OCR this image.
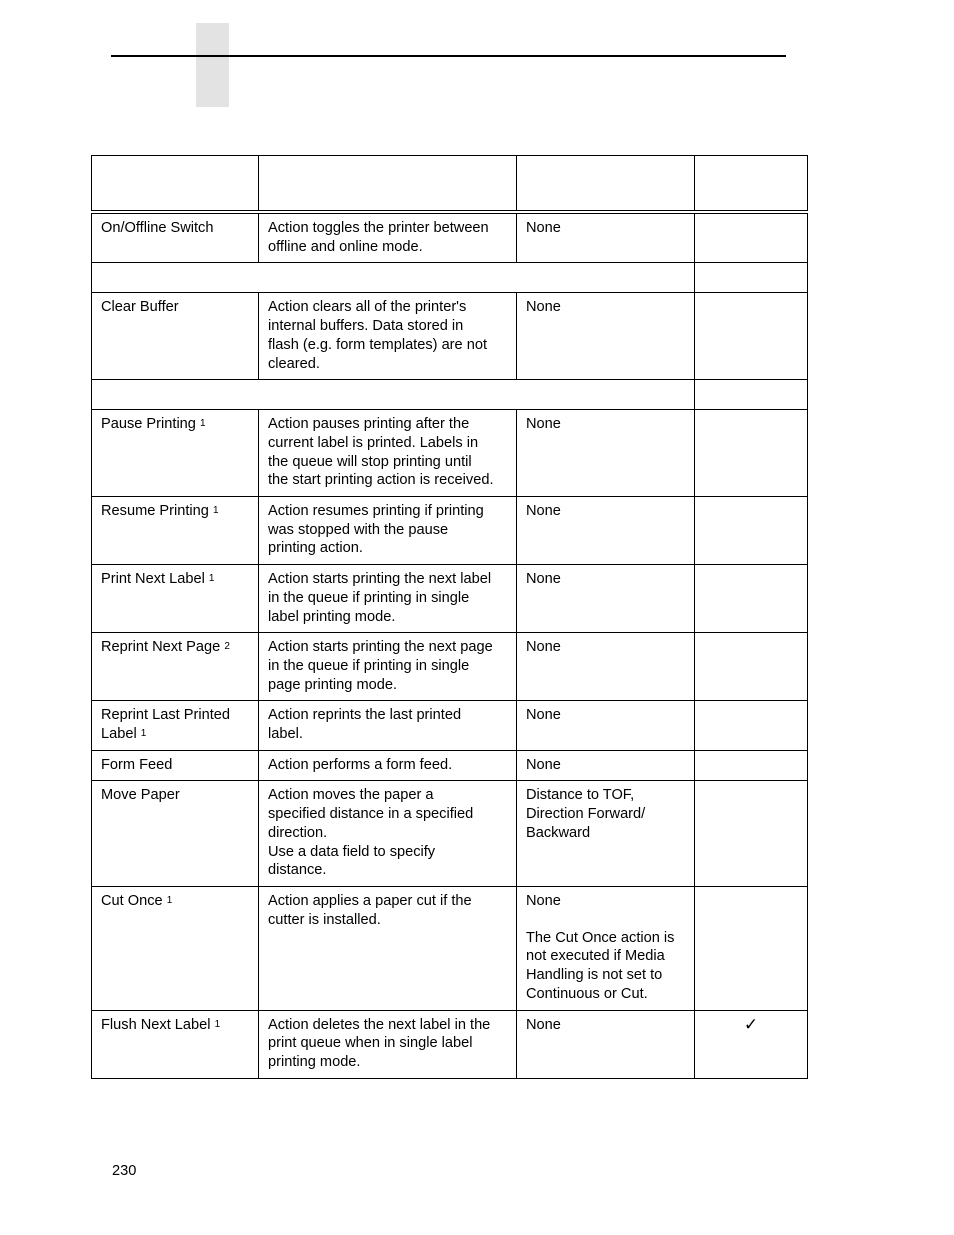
On/Offline Switch	Action toggles the printer between
offline and online mode.	None	

Clear Buffer	Action clears all of the printer's
internal buffers. Data stored in
flash (e.g. form templates) are not
cleared.	None	

Pause Printing $^1$	Action pauses printing after the
current label is printed. Labels in
the queue will stop printing until
the start printing action is received.	None	

Resume Printing $^1$	Action resumes printing if printing
was stopped with the pause
printing action.	None	

Print Next Label $^1$	Action starts printing the next label
in the queue if printing in single
label printing mode.	None	

Reprint Next Page $^2$	Action starts printing the next page
in the queue if printing in single
page printing mode.	None	

Reprint Last Printed Label $^1$	Action reprints the last printed
label.	None	

Form Feed	Action performs a form feed.	None	

Move Paper	Action moves the paper a
specified distance in a specified
direction.
Use a data field to specify
distance.	Distance to TOF,
Direction Forward/
Backward	

Cut Once $^1$	Action applies a paper cut if the
cutter is installed.	None
The Cut Once action is
not executed if Media
Handling is not set to
Continuous or Cut.	

Flush Next Label $^1$	Action deletes the next label in the
print queue when in single label
printing mode.	None	✓
230
